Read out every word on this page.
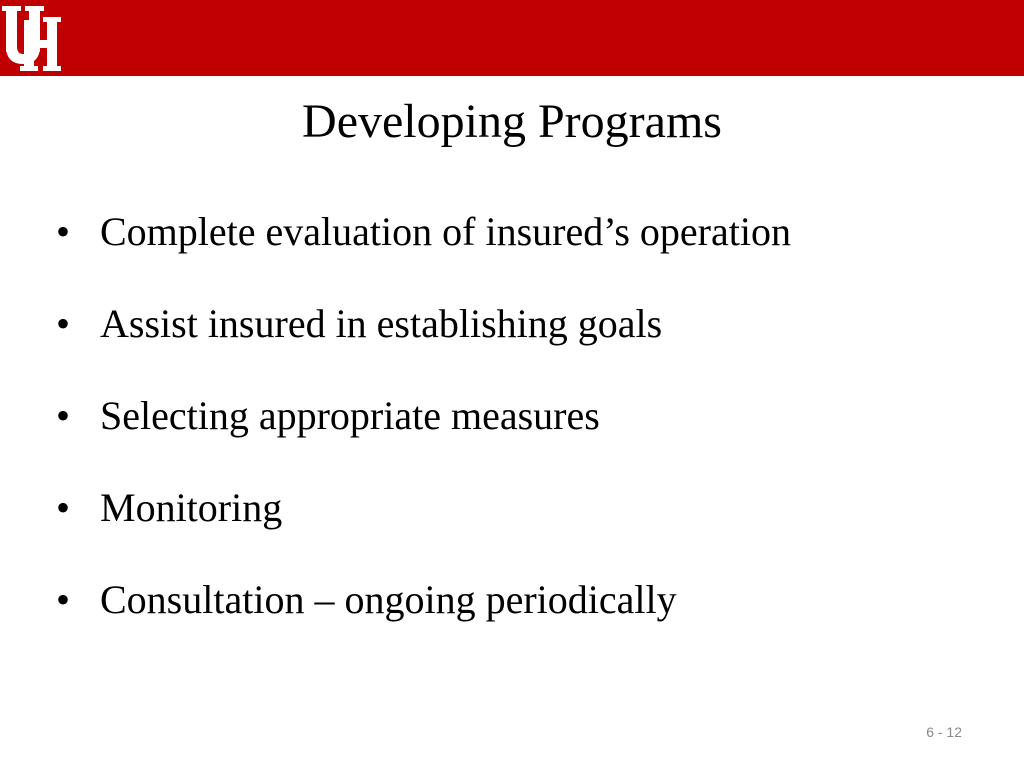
Developing Programs
• Complete evaluation of insured’s operation
• Assist insured in establishing goals
• Selecting appropriate measures
• Monitoring
• Consultation – ongoing periodically
6 - 12
